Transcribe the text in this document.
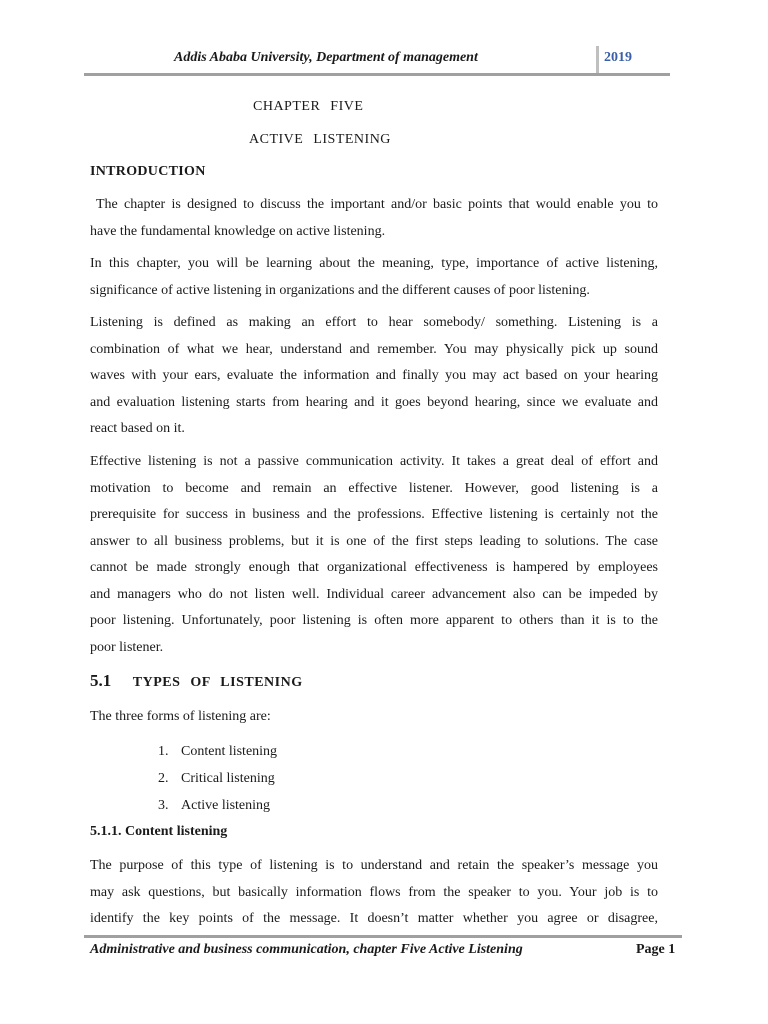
Addis Ababa University, Department of management	2019
CHAPTER FIVE
ACTIVE LISTENING
INTRODUCTION
The chapter is designed to discuss the important and/or basic points that would enable you to
have the fundamental knowledge on active listening.
In this chapter, you will be learning about the meaning, type, importance of active listening,
significance of active listening in organizations and the different causes of poor listening.
Listening is defined as making an effort to hear somebody/ something. Listening is a
combination of what we hear, understand and remember. You may physically pick up sound
waves with your ears, evaluate the information and finally you may act based on your hearing
and evaluation listening starts from hearing and it goes beyond hearing, since we evaluate and
react based on it.
Effective listening is not a passive communication activity. It takes a great deal of effort and
motivation to become and remain an effective listener. However, good listening is a
prerequisite for success in business and the professions. Effective listening is certainly not the
answer to all business problems, but it is one of the first steps leading to solutions. The case
cannot be made strongly enough that organizational effectiveness is hampered by employees
and managers who do not listen well. Individual career advancement also can be impeded by
poor listening. Unfortunately, poor listening is often more apparent to others than it is to the
poor listener.
5.1 TYPES OF LISTENING
The three forms of listening are:
1. Content listening
2. Critical listening
3. Active listening
5.1.1. Content listening
The purpose of this type of listening is to understand and retain the speaker’s message you
may ask questions, but basically information flows from the speaker to you. Your job is to
identify the key points of the message. It doesn’t matter whether you agree or disagree,
Administrative and business communication, chapter Five Active Listening	Page 1
